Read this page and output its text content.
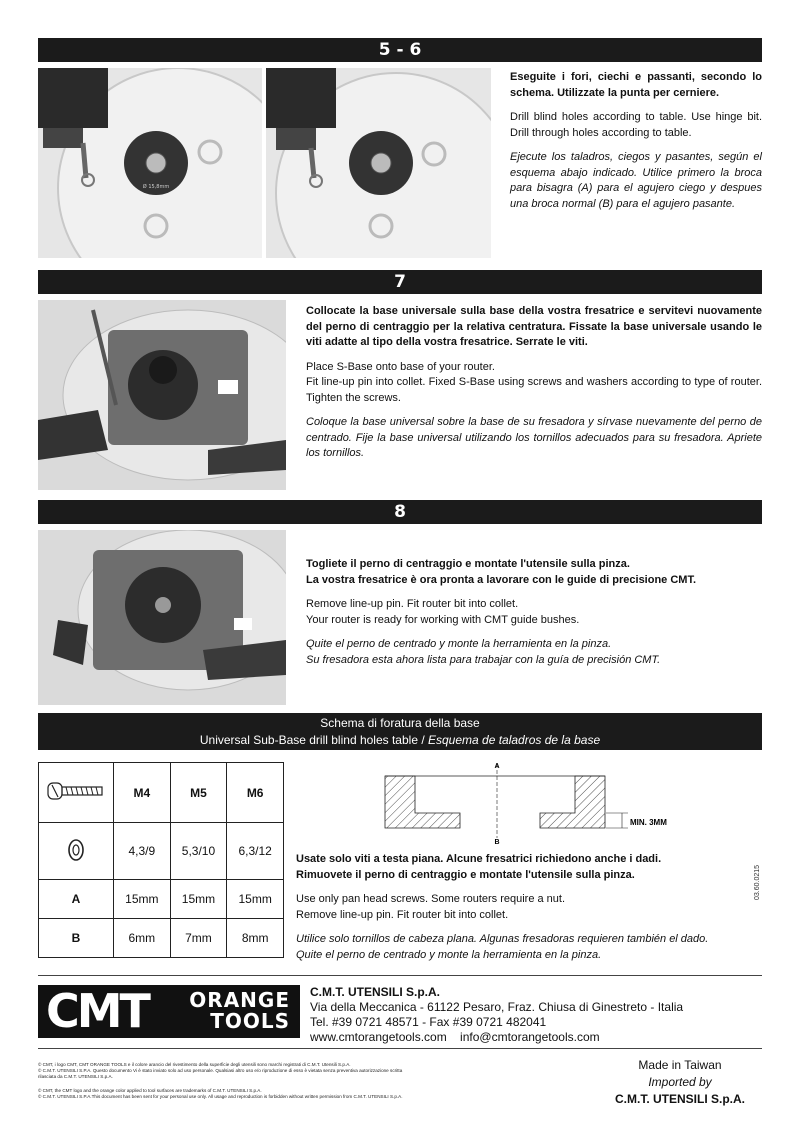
5 - 6
Ø 15,8mm

Eseguite i fori, ciechi e passanti, secondo lo schema. Utilizzate la punta per cerniere.

Drill blind holes according to table. Use hinge bit. Drill through holes according to table.

Ejecute los taladros, ciegos y pasantes, según el esquema abajo indicado. Utilice primero la broca para bisagra (A) para el agujero ciego y despues una broca normal (B) para el agujero pasante.

7

Collocate la base universale sulla base della vostra fresatrice e servitevi nuovamente del perno di centraggio per la relativa centratura. Fissate la base universale usando le viti adatte al tipo della vostra fresatrice. Serrate le viti.

Place S-Base onto base of your router.

Fit line-up pin into collet. Fixed S-Base using screws and washers according to type of router. Tighten the screws.

Coloque la base universal sobre la base de su fresadora y sírvase nuevamente del perno de centrado. Fije la base universal utilizando los tornillos adecuados para su fresadora. Apriete los tornillos.

8

Togliete il perno di centraggio e montate l'utensile sulla pinza.

La vostra fresatrice è ora pronta a lavorare con le guide di precisione CMT.

Remove line-up pin. Fit router bit into collet.

Your router is ready for working with CMT guide bushes.

Quite el perno de centrado y monte la herramienta en la pinza.

Su fresadora esta ahora lista para trabajar con la guía de precisión CMT.

Schema di foratura della base
Universal Sub-Base drill blind holes table / Esquema de taladros de la base
	M4	M5	M6
	4,3/9	5,3/10	6,3/12
A	15mm	15mm	15mm
B	6mm	7mm	8mm
A
B
MIN. 3MM

Usate solo viti a testa piana. Alcune fresatrici richiedono anche i dadi.

Rimuovete il perno di centraggio e montate l'utensile sulla pinza.

Use only pan head screws. Some routers require a nut.

Remove line-up pin. Fit router bit into collet.

Utilice solo tornillos de cabeza plana. Algunas fresadoras requieren también el dado.

Quite el perno de centrado y monte la herramienta en la pinza.

03.60.0215
CMT	ORANGE
TOOLS
C.M.T. UTENSILI S.p.A.
Via della Meccanica - 61122 Pesaro, Fraz. Chiusa di Ginestreto - Italia
Tel. #39 0721 48571 - Fax #39 0721 482041
www.cmtorangetools.com    info@cmtorangetools.com
© CMT, i logo CMT, CMT ORANGE TOOLS e il colore arancio del rivestimento della superficie degli utensili sono marchi registrati di C.M.T. Utensili S.p.A.
© C.M.T. UTENSILI S.P.A. Questo documento Vi è stato inviato solo ad uso personale. Qualsiasi altro uso e/o riproduzione di esso è vietata senza preventiva autorizzazione scritta
rilasciata da C.M.T. UTENSILI S.p.A.
© CMT, the CMT logo and the orange color applied to tool surfaces are trademarks of C.M.T. UTENSILI S.p.A.
© C.M.T. UTENSILI S.P.A.This document has been sent for your personal use only. All usage and reproduction is forbidden without written permission from C.M.T. UTENSILI S.p.A.
Made in Taiwan
Imported by
C.M.T. UTENSILI S.p.A.
